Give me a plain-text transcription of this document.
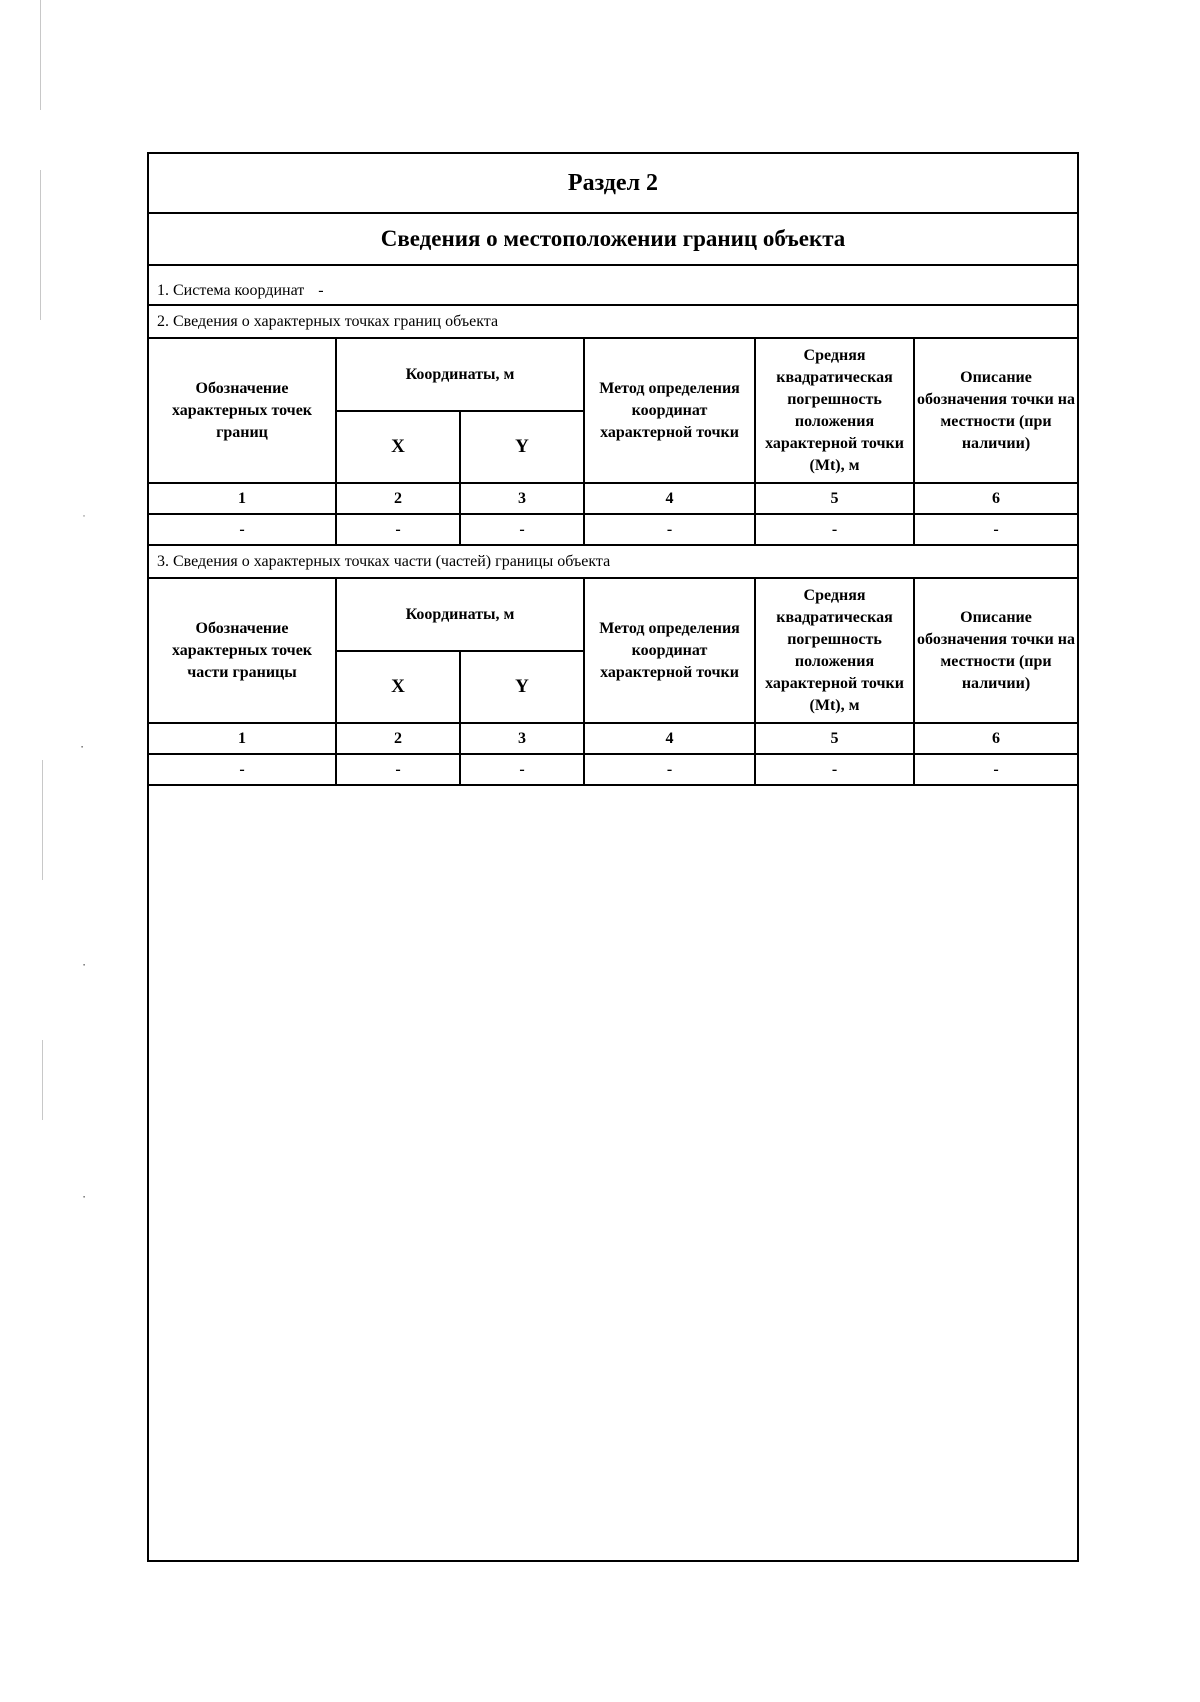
˙
⋅
⋅
⋅
Раздел 2
Сведения о местоположении границ объекта
1. Система координат -
2. Сведения о характерных точках границ объекта
Обозначение характерных точек границ	Координаты, м		Метод определения координат характерной точки	Средняя квадратическая погрешность положения характерной точки (Mt), м	Описание обозначения точки на местности (при наличии)
	X	Y			
1	2	3	4	5	6
-	-	-	-	-	-
3. Сведения о характерных точках части (частей) границы объекта
Обозначение характерных точек части границы	Координаты, м		Метод определения координат характерной точки	Средняя квадратическая погрешность положения характерной точки (Mt), м	Описание обозначения точки на местности (при наличии)
	X	Y			
1	2	3	4	5	6
-	-	-	-	-	-
